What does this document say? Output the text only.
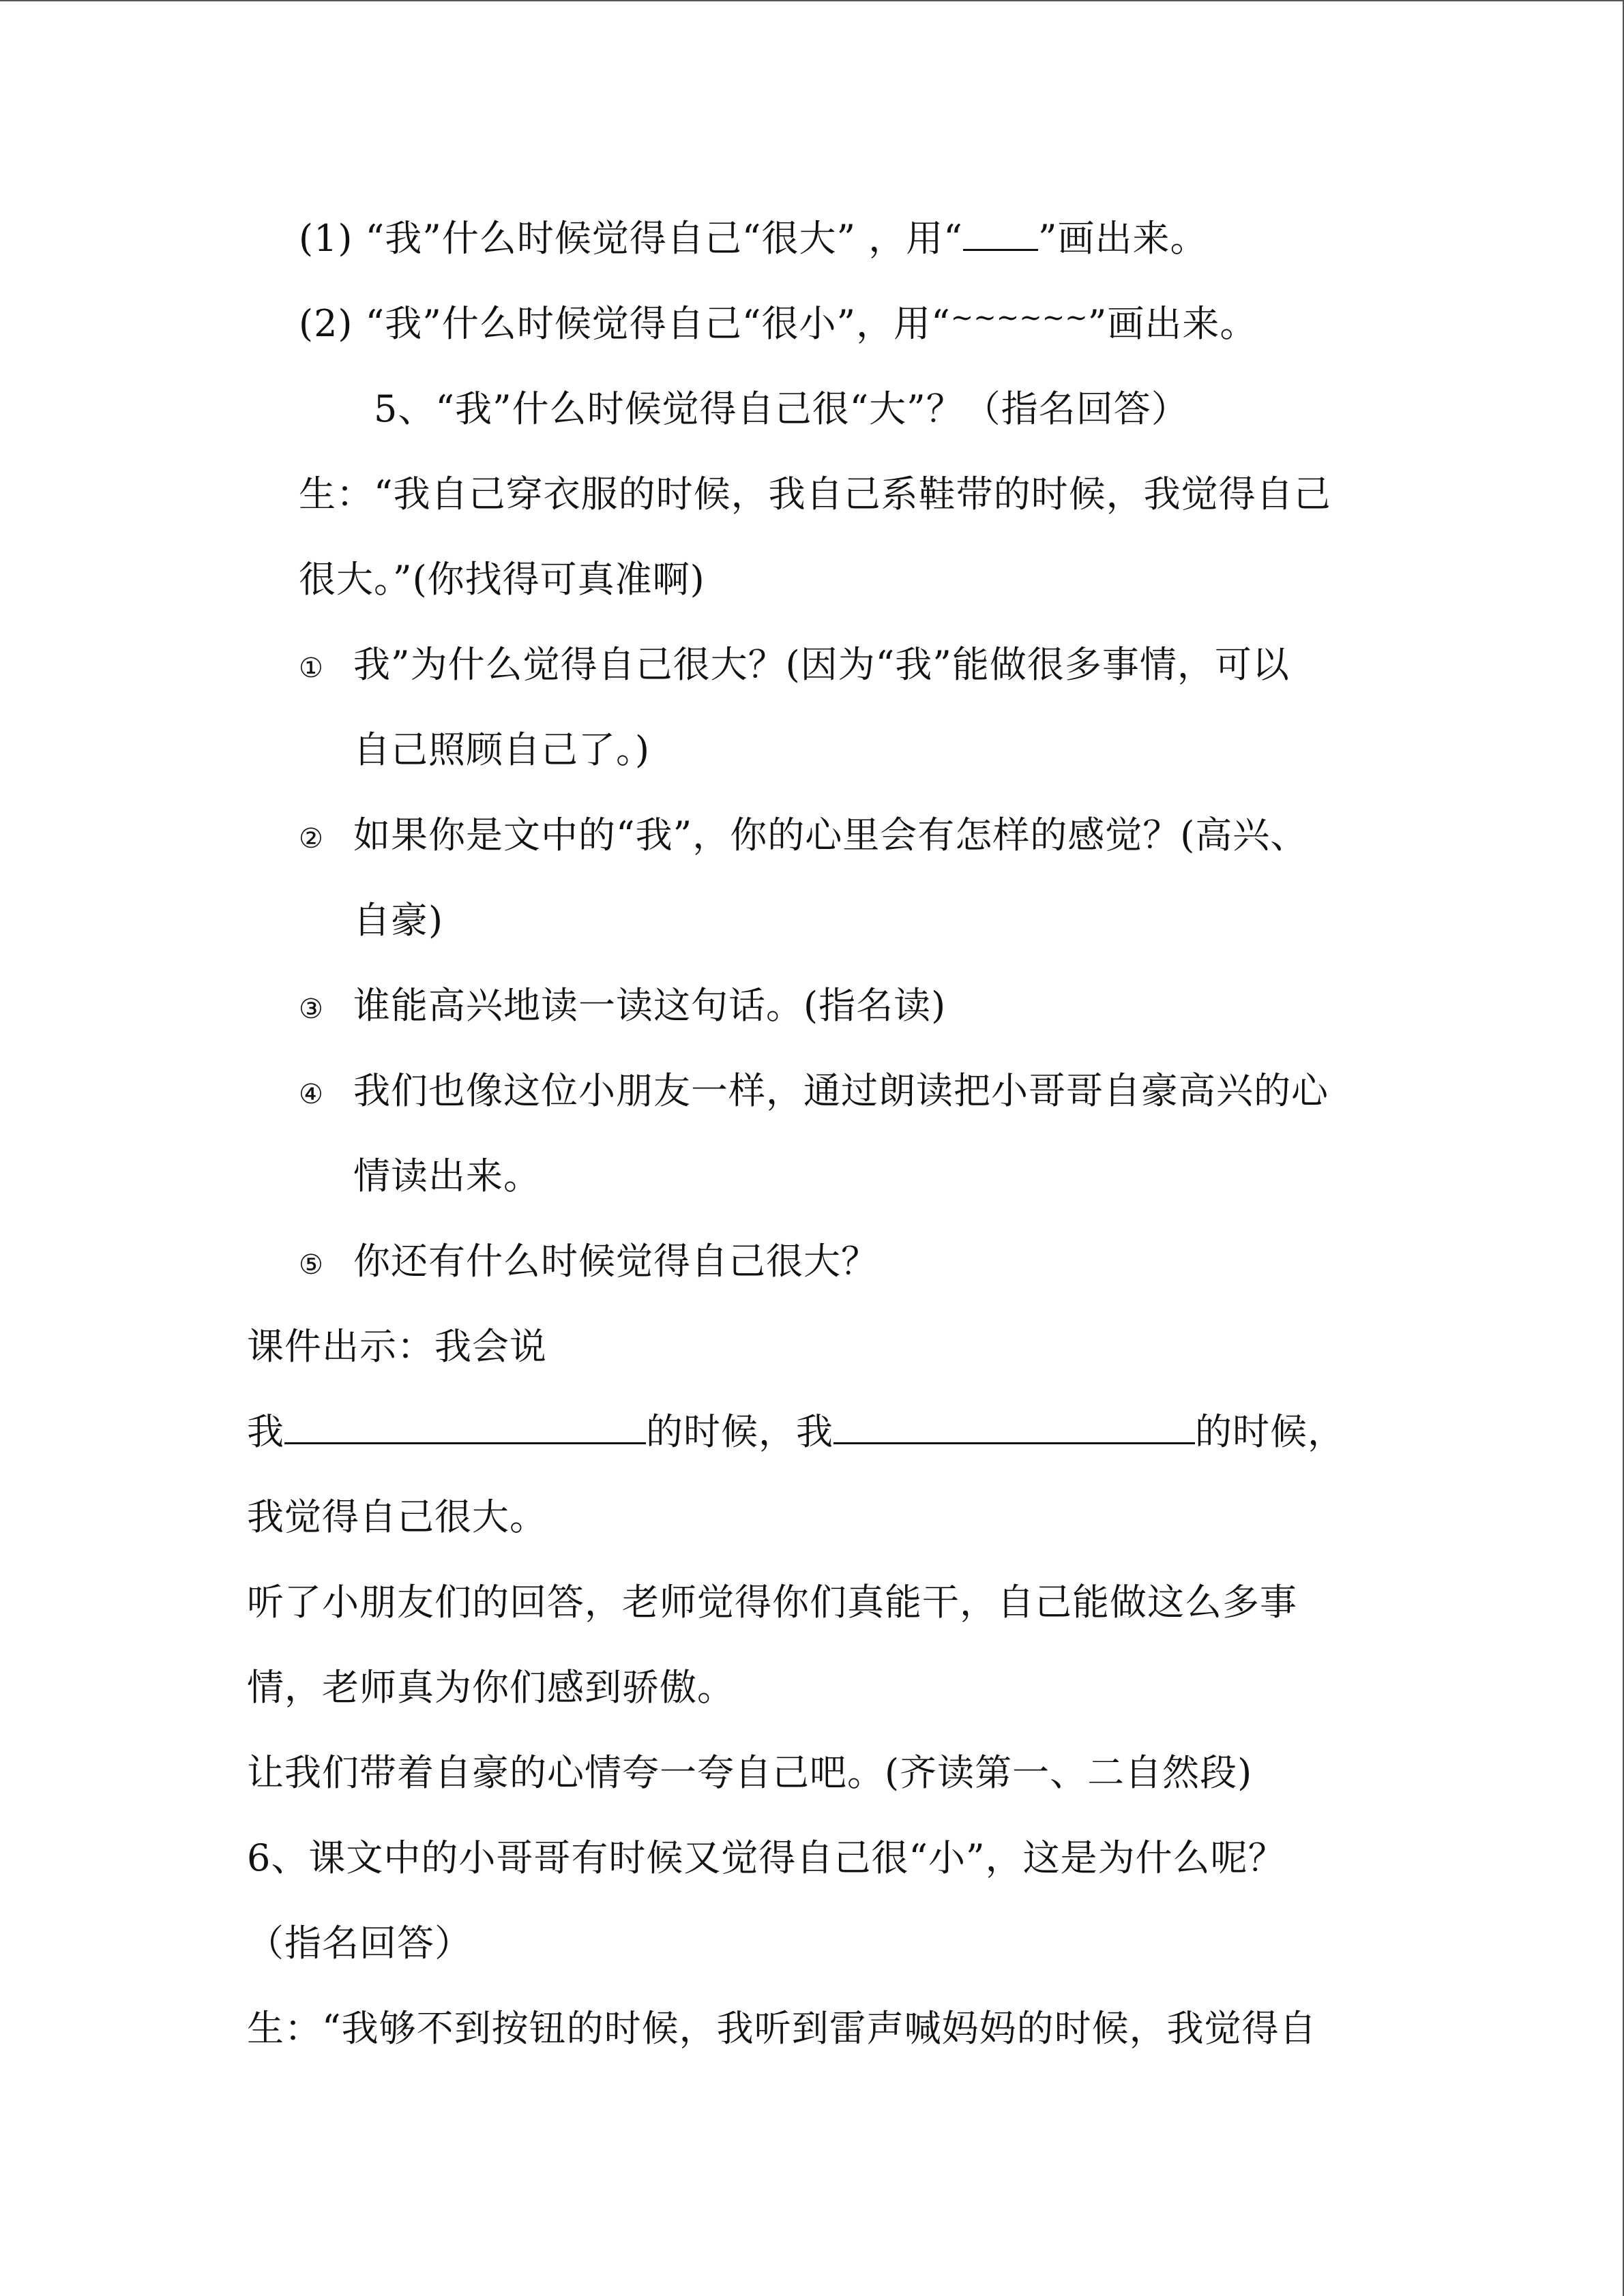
(1) “我”什么时候觉得自己“很大” ，用“ ”画出来。
(2) “我”什么时候觉得自己“很小”，用“~~~~~~”画出来。
5、“我”什么时候觉得自己很“大”？（指名回答）
生：“我自己穿衣服的时候，我自己系鞋带的时候，我觉得自己
很大。”(你找得可真准啊)
① 我”为什么觉得自己很大？(因为“我”能做很多事情，可以
自己照顾自己了。)
② 如果你是文中的“我”，你的心里会有怎样的感觉？(高兴、
自豪)
③ 谁能高兴地读一读这句话。(指名读)
④ 我们也像这位小朋友一样，通过朗读把小哥哥自豪高兴的心
情读出来。
⑤ 你还有什么时候觉得自己很大？
课件出示：我会说
我	的时候，我	的时候，
我觉得自己很大。
听了小朋友们的回答，老师觉得你们真能干，自己能做这么多事
情，老师真为你们感到骄傲。
让我们带着自豪的心情夸一夸自己吧。(齐读第一、二自然段)
6、课文中的小哥哥有时候又觉得自己很“小”，这是为什么呢？
（指名回答）
生：“我够不到按钮的时候，我听到雷声喊妈妈的时候，我觉得自
